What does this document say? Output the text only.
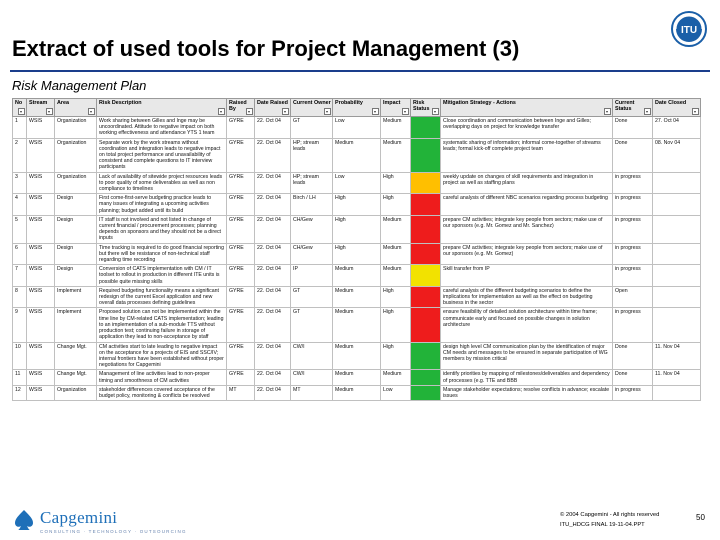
Extract of used tools for Project Management (3)
ITU
Risk Management Plan
No	Stream	Area	Risk Description	Raised By	Date Raised	Current Owner	Probability	Impact	Risk Status	Mitigation Strategy - Actions	Current Status	Date Closed

1	WSIS	Organization	Work sharing between Gilles and Inge may be uncoordinated. Attitude to negative impact on both working effectiveness and attendance YTS 1 team	GYRE	22. Oct 04	GT	Low	Medium		Close coordination and communication between Inge and Gilles; overlapping days on project for knowledge transfer	Done	27. Oct 04
2	WSIS	Organization	Separate work by the work streams without coordination and integration leads to negative impact on total project performance and unavailability of consistent and complete questions to IT interview participants	GYRE	22. Oct 04	HP; stream leads	Medium	Medium		systematic sharing of information; informal come-together of streams leads; formal kick-off complete project team	Done	08. Nov 04
3	WSIS	Organization	Lack of availability of sitewide project resources leads to poor quality of some deliverables as well as non compliance to timelines	GYRE	22. Oct 04	HP; stream leads	Low	High		weekly update on changes of skill requirements and integration in project as well as staffing plans	in progress	
4	WSIS	Design	First come-first-serve budgeting practice leads to many issues of integrating a upcoming activities planning; budget added until its build	GYRE	22. Oct 04	Birch / LH	High	High		careful analysis of different NBC scenarios regarding process budgeting	in progress	
5	WSIS	Design	IT staff is not involved and not listed in change of current financial / procurement processes; planning depends on sponsors and they should not be a direct inputs	GYRE	22. Oct 04	CH/Gew	High	Medium		prepare CM activities; integrate key people from sectors; make use of our sponsors (e.g. Mr. Gomez and Mr. Sanchez)	in progress	
6	WSIS	Design	Time tracking is required to do good financial reporting but there will be resistance of non-technical staff regarding time recording	GYRE	22. Oct 04	CH/Gew	High	Medium		prepare CM activities; integrate key people from sectors; make use of our sponsors (e.g. Mr. Gomez)	in progress	
7	WSIS	Design	Conversion of CATS implementation with CM / IT toolset to rollout in production in different ITE units is possible quite missing skills	GYRE	22. Oct 04	IP	Medium	Medium		Skill transfer from IP	in progress	
8	WSIS	Implement	Required budgeting functionality means a significant redesign of the current Excel application and new overall data processes defining guidelines	GYRE	22. Oct 04	GT	Medium	High		careful analysis of the different budgeting scenarios to define the implications for implementation as well as the effect on budgeting business in the sector	Open	
9	WSIS	Implement	Proposed solution can not be implemented within the time line by CM-related CATS implementation; leading to an implementation of a sub-module TTS without production test; continuing failure in storage of application they lead to non-acceptance by staff	GYRE	22. Oct 04	GT	Medium	High		ensure feasibility of detailed solution architecture within time frame; communicate early and focused on possible changes in solution architecture	in progress	
10	WSIS	Change Mgt.	CM activities start to late leading to negative impact on the acceptance for a projects of EIS and SSC/IV; internal frontiers have been established without proper negotiations for Capgemini	GYRE	22. Oct 04	CW/I	Medium	High		design high level CM communication plan by the identification of major CM needs and messages to be ensured in separate participation of WG members by mission critical	Done	11. Nov 04
11	WSIS	Change Mgt.	Management of line activities lead to non-proper timing and smoothness of CM activities	GYRE	22. Oct 04	CW/I	Medium	Medium		identify priorities by mapping of milestones/deliverables and dependency of processes (e.g. TTE and BBB	Done	11. Nov 04
12	WSIS	Organization	stakeholder differences covered acceptance of the budget policy, monitoring & conflicts be resolved	MT	22. Oct 04	MT	Medium	Low		Manage stakeholder expectations; resolve conflicts in advance; escalate issues	in progress	
Capgemini
CONSULTING · TECHNOLOGY · OUTSOURCING
© 2004 Capgemini - All rights reserved
ITU_HDCG FINAL 19-11-04.PPT
50
